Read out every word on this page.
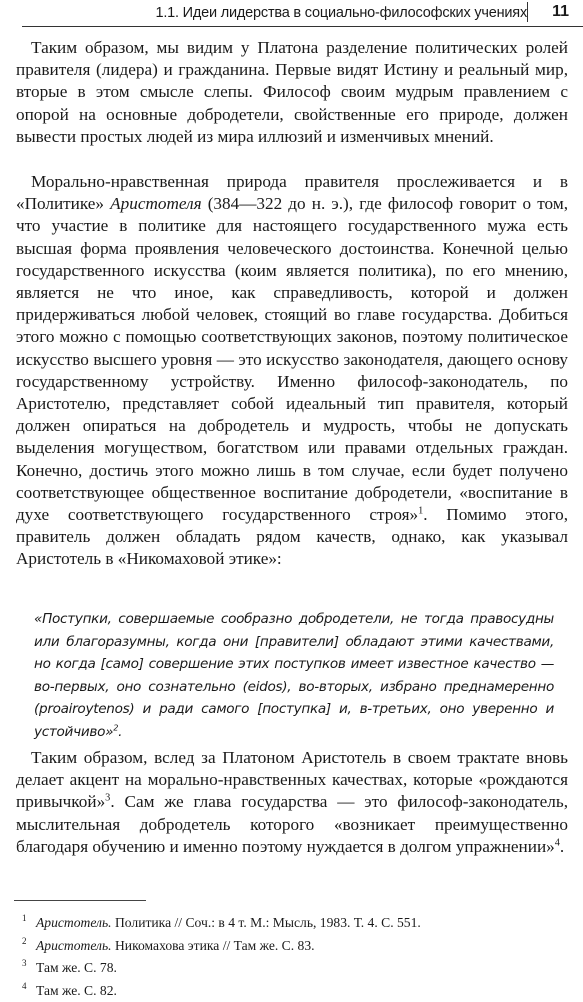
1.1. Идеи лидерства в социально-философских учениях 11

Таким образом, мы видим у Платона разделение политических ролей правителя (лидера) и гражданина. Первые видят Истину и реальный мир, вторые в этом смысле слепы. Философ своим мудрым правлением с опорой на основные добродетели, свойственные его природе, должен вывести простых людей из мира иллюзий и изменчивых мнений.

Морально-нравственная природа правителя прослеживается и в «Политике» Аристотеля (384—322 до н. э.), где философ говорит о том, что участие в политике для настоящего государственного мужа есть высшая форма проявления человеческого достоинства. Конечной целью государственного искусства (коим является политика), по его мнению, является не что иное, как справедливость, которой и должен придерживаться любой человек, стоящий во главе государства. Добиться этого можно с помощью соответствующих законов, поэтому политическое искусство высшего уровня — это искусство законодателя, дающего основу государственному устройству. Именно философ-законодатель, по Аристотелю, представляет собой идеальный тип правителя, который должен опираться на добродетель и мудрость, чтобы не допускать выделения могуществом, богатством или правами отдельных граждан. Конечно, достичь этого можно лишь в том случае, если будет получено соответствующее общественное воспитание добродетели, «воспитание в духе соответствующего государственного строя»$^1$. Помимо этого, правитель должен обладать рядом качеств, однако, как указывал Аристотель в «Никомаховой этике»:

«Поступки, совершаемые сообразно добродетели, не тогда правосудны или благоразумны, когда они [правители] обладают этими качествами, но когда [само] совершение этих поступков имеет известное качество — во-первых, оно сознательно (eidos), во-вторых, избрано преднамеренно (proairoytenos) и ради самого [поступка] и, в-третьих, оно уверенно и устойчиво»$^2$.

Таким образом, вслед за Платоном Аристотель в своем трактате вновь делает акцент на морально-нравственных качествах, которые «рождаются привычкой»$^3$. Сам же глава государства — это философ-законодатель, мыслительная добродетель которого «возникает преимущественно благодаря обучению и именно поэтому нуждается в долгом упражнении»$^4$.

1 Аристотель. Политика // Соч.: в 4 т. М.: Мысль, 1983. Т. 4. С. 551.
2 Аристотель. Никомахова этика // Там же. С. 83.
3 Там же. С. 78.
4 Там же. С. 82.
